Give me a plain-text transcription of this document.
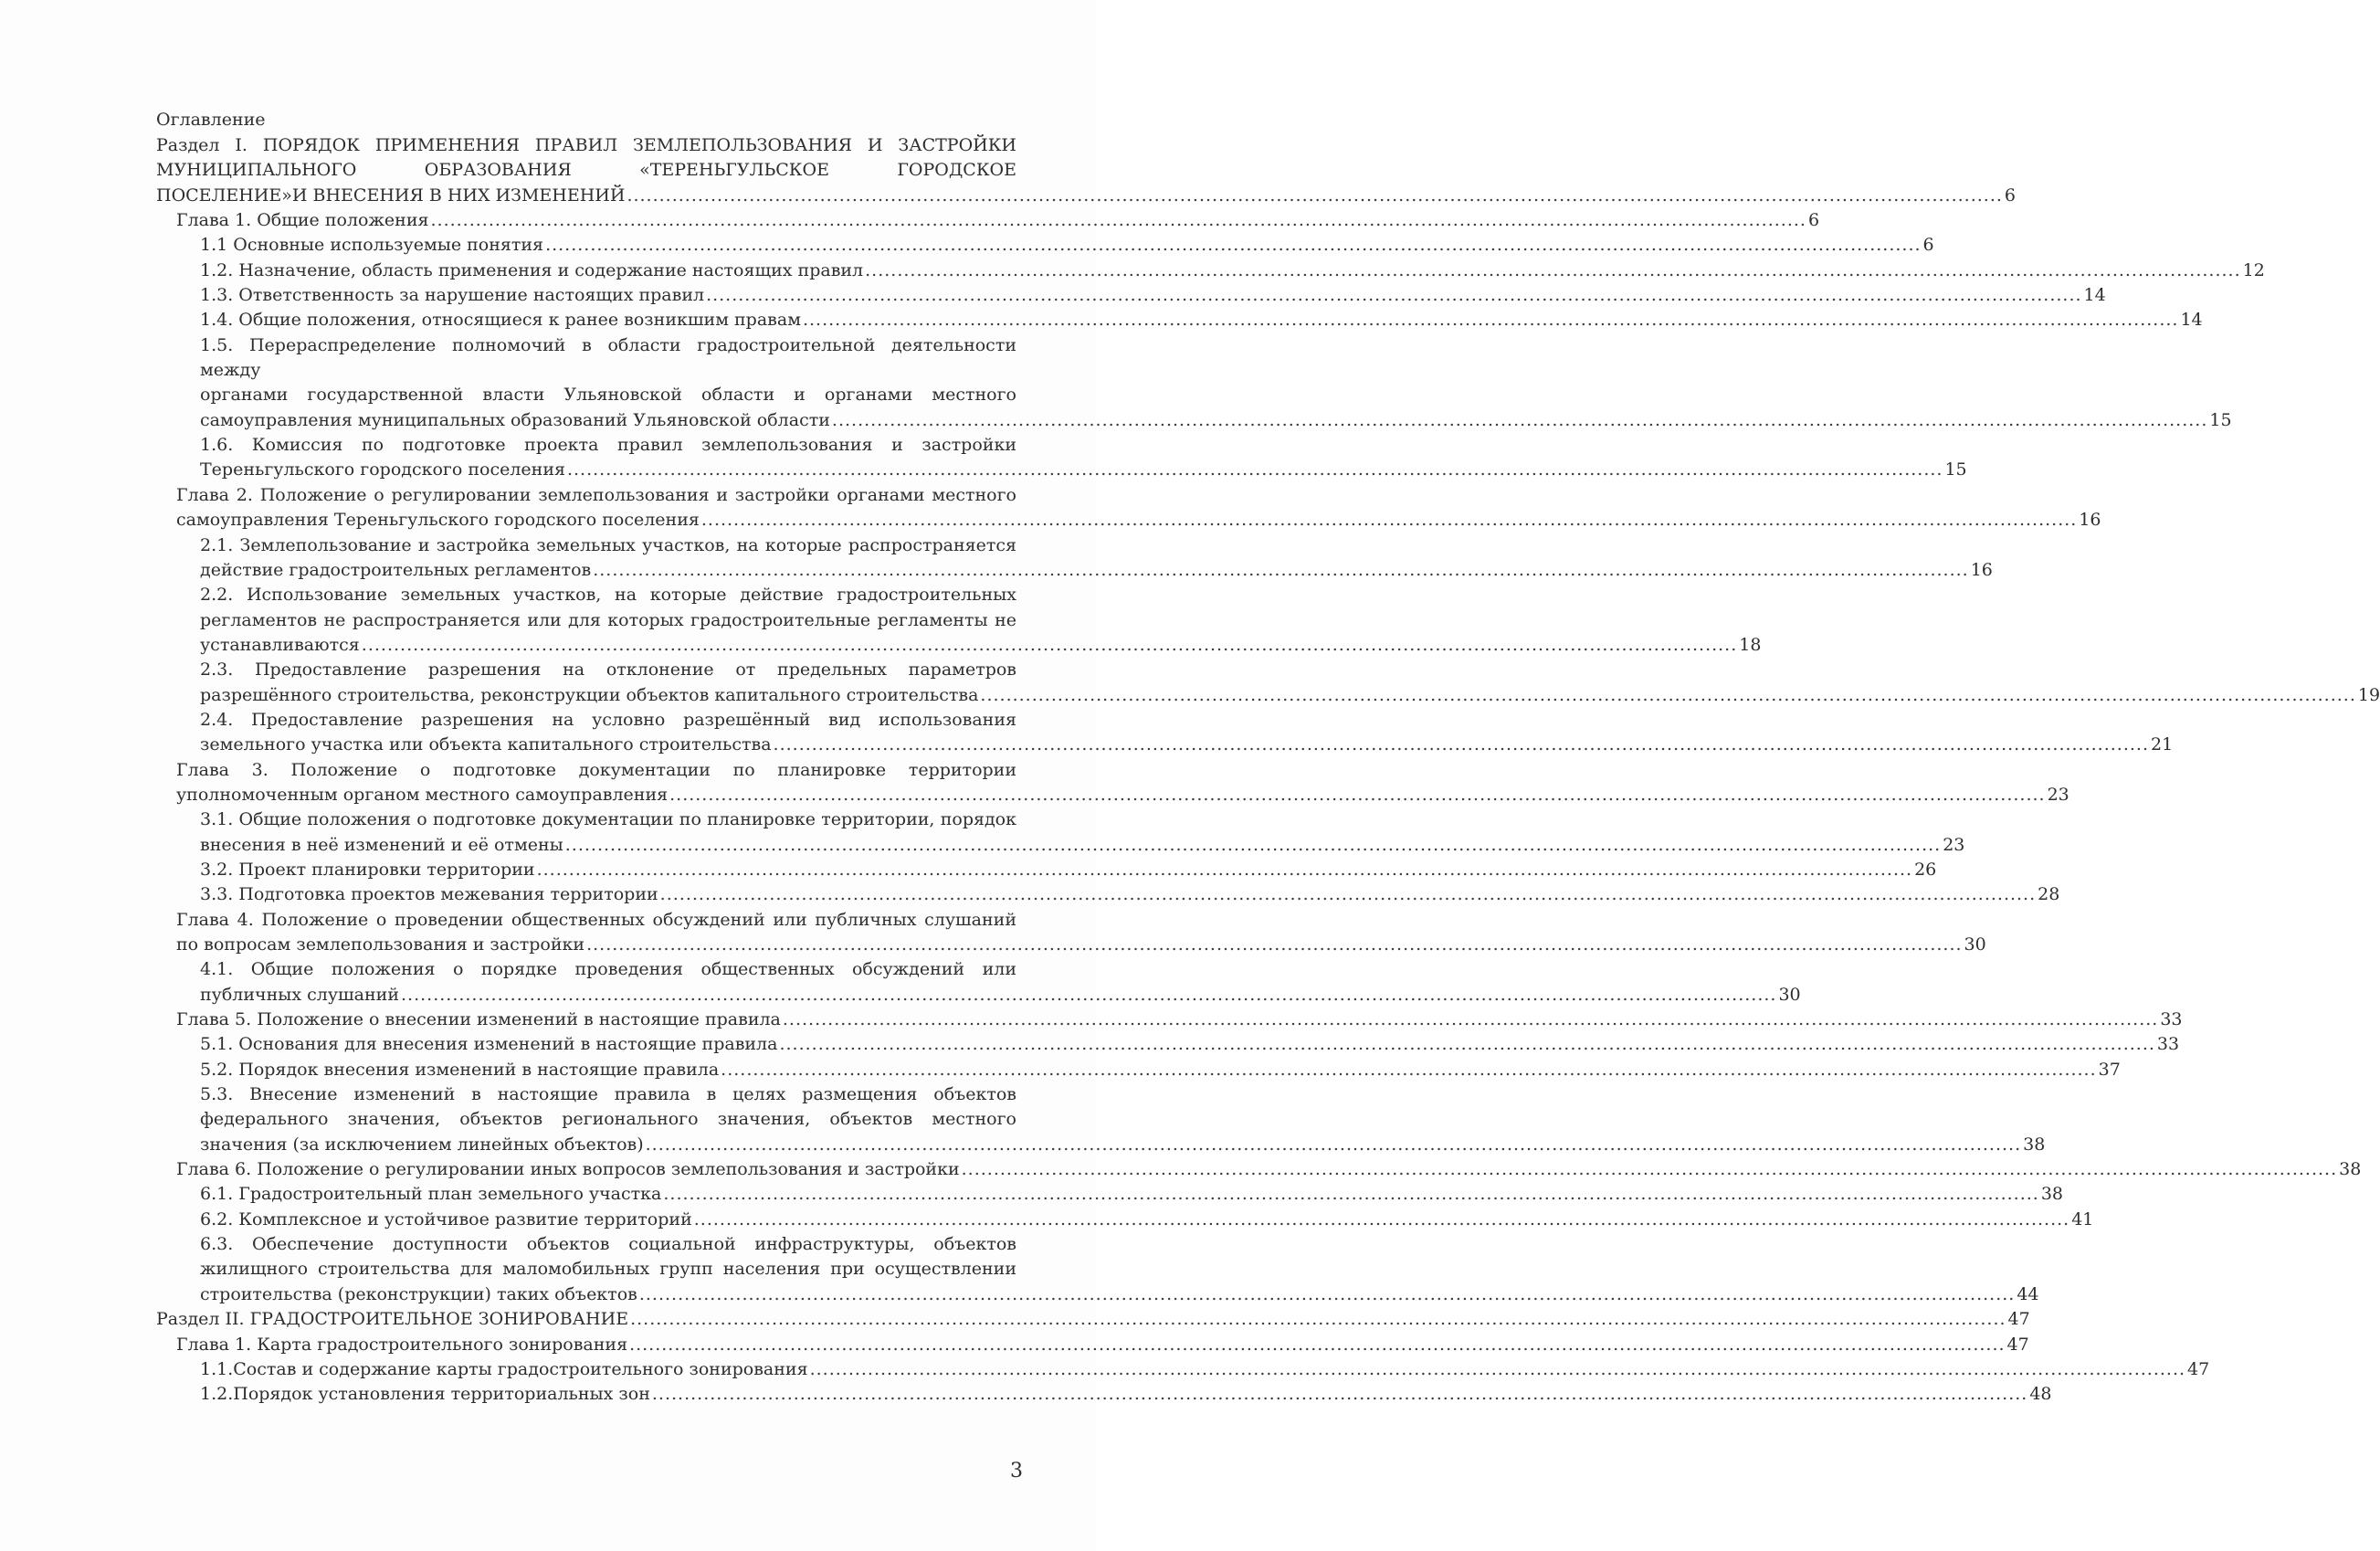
Оглавление
Раздел I. ПОРЯДОК ПРИМЕНЕНИЯ ПРАВИЛ ЗЕМЛЕПОЛЬЗОВАНИЯ И ЗАСТРОЙКИ
МУНИЦИПАЛЬНОГО ОБРАЗОВАНИЯ «ТЕРЕНЬГУЛЬСКОЕ ГОРОДСКОЕ
ПОСЕЛЕНИЕ»И ВНЕСЕНИЯ В НИХ ИЗМЕНЕНИЙ .....	6
Глава 1. Общие положения .....	6
1.1 Основные используемые понятия .....	6
1.2. Назначение, область применения и содержание настоящих правил .....	12
1.3. Ответственность за нарушение настоящих правил .....	14
1.4. Общие положения, относящиеся к ранее возникшим правам .....	14
1.5. Перераспределение полномочий в области градостроительной деятельности между
органами государственной власти Ульяновской области и органами местного
самоуправления муниципальных образований Ульяновской области .....	15
1.6. Комиссия по подготовке проекта правил землепользования и застройки
Тереньгульского городского поселения .....	15
Глава 2. Положение о регулировании землепользования и застройки органами местного
самоуправления Тереньгульского городского поселения .....	16
2.1. Землепользование и застройка земельных участков, на которые распространяется
действие градостроительных регламентов .....	16
2.2. Использование земельных участков, на которые действие градостроительных
регламентов не распространяется или для которых градостроительные регламенты не
устанавливаются .....	18
2.3. Предоставление разрешения на отклонение от предельных параметров
разрешённого строительства, реконструкции объектов капитального строительства .....	19
2.4. Предоставление разрешения на условно разрешённый вид использования
земельного участка или объекта капитального строительства .....	21
Глава 3. Положение о подготовке документации по планировке территории
уполномоченным органом местного самоуправления .....	23
3.1. Общие положения о подготовке документации по планировке территории, порядок
внесения в неё изменений и её отмены .....	23
3.2. Проект планировки территории .....	26
3.3. Подготовка проектов межевания территории .....	28
Глава 4. Положение о проведении общественных обсуждений или публичных слушаний
по вопросам землепользования и застройки .....	30
4.1. Общие положения о порядке проведения общественных обсуждений или
публичных слушаний .....	30
Глава 5. Положение о внесении изменений в настоящие правила .....	33
5.1. Основания для внесения изменений в настоящие правила .....	33
5.2. Порядок внесения изменений в настоящие правила .....	37
5.3. Внесение изменений в настоящие правила в целях размещения объектов
федерального значения, объектов регионального значения, объектов местного
значения (за исключением линейных объектов) .....	38
Глава 6. Положение о регулировании иных вопросов землепользования и застройки .....	38
6.1. Градостроительный план земельного участка .....	38
6.2. Комплексное и устойчивое развитие территорий .....	41
6.3. Обеспечение доступности объектов социальной инфраструктуры, объектов
жилищного строительства для маломобильных групп населения при осуществлении
строительства (реконструкции) таких объектов .....	44
Раздел II. ГРАДОСТРОИТЕЛЬНОЕ ЗОНИРОВАНИЕ .....	47
Глава 1. Карта градостроительного зонирования .....	47
1.1. Состав и содержание карты градостроительного зонирования .....	47
1.2. Порядок установления территориальных зон .....	48
3
